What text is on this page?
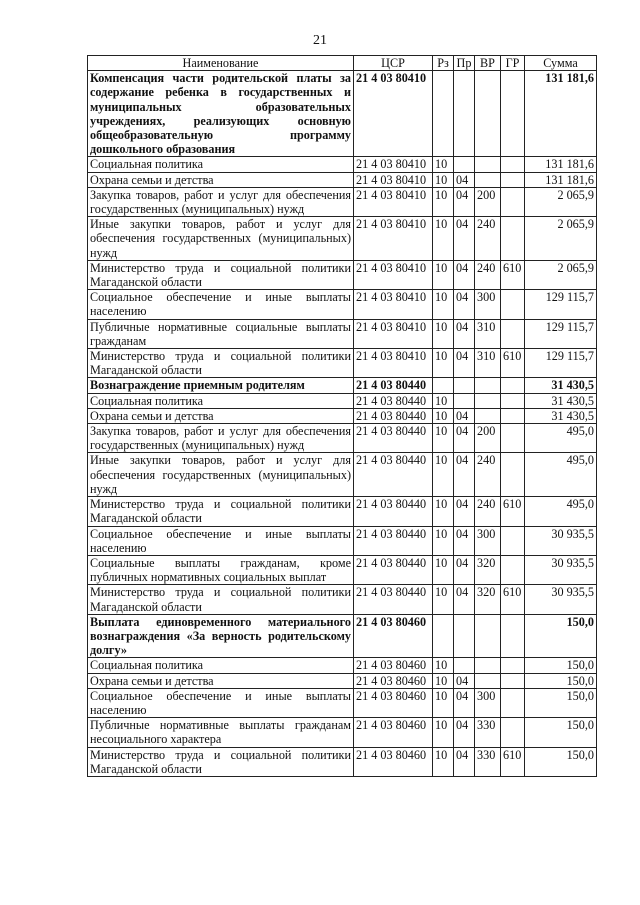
21
Наименование	ЦСР	Рз	Пр	ВР	ГР	Сумма
Компенсация части родительской платы за содержание ребенка в государственных и муниципальных образовательных учреждениях, реализующих основную общеобразовательную программу дошкольного образования	21 4 03 80410					131 181,6
Социальная политика	21 4 03 80410	10				131 181,6
Охрана семьи и детства	21 4 03 80410	10	04			131 181,6
Закупка товаров, работ и услуг для обеспечения государственных (муниципальных) нужд	21 4 03 80410	10	04	200		2 065,9
Иные закупки товаров, работ и услуг для обеспечения государственных (муниципальных) нужд	21 4 03 80410	10	04	240		2 065,9
Министерство труда и социальной политики Магаданской области	21 4 03 80410	10	04	240	610	2 065,9
Социальное обеспечение и иные выплаты населению	21 4 03 80410	10	04	300		129 115,7
Публичные нормативные социальные выплаты гражданам	21 4 03 80410	10	04	310		129 115,7
Министерство труда и социальной политики Магаданской области	21 4 03 80410	10	04	310	610	129 115,7
Вознаграждение приемным родителям	21 4 03 80440					31 430,5
Социальная политика	21 4 03 80440	10				31 430,5
Охрана семьи и детства	21 4 03 80440	10	04			31 430,5
Закупка товаров, работ и услуг для обеспечения государственных (муниципальных) нужд	21 4 03 80440	10	04	200		495,0
Иные закупки товаров, работ и услуг для обеспечения государственных (муниципальных) нужд	21 4 03 80440	10	04	240		495,0
Министерство труда и социальной политики Магаданской области	21 4 03 80440	10	04	240	610	495,0
Социальное обеспечение и иные выплаты населению	21 4 03 80440	10	04	300		30 935,5
Социальные выплаты гражданам, кроме публичных нормативных социальных выплат	21 4 03 80440	10	04	320		30 935,5
Министерство труда и социальной политики Магаданской области	21 4 03 80440	10	04	320	610	30 935,5
Выплата единовременного материального вознаграждения «За верность родительскому долгу»	21 4 03 80460					150,0
Социальная политика	21 4 03 80460	10				150,0
Охрана семьи и детства	21 4 03 80460	10	04			150,0
Социальное обеспечение и иные выплаты населению	21 4 03 80460	10	04	300		150,0
Публичные нормативные выплаты гражданам несоциального характера	21 4 03 80460	10	04	330		150,0
Министерство труда и социальной политики Магаданской области	21 4 03 80460	10	04	330	610	150,0
